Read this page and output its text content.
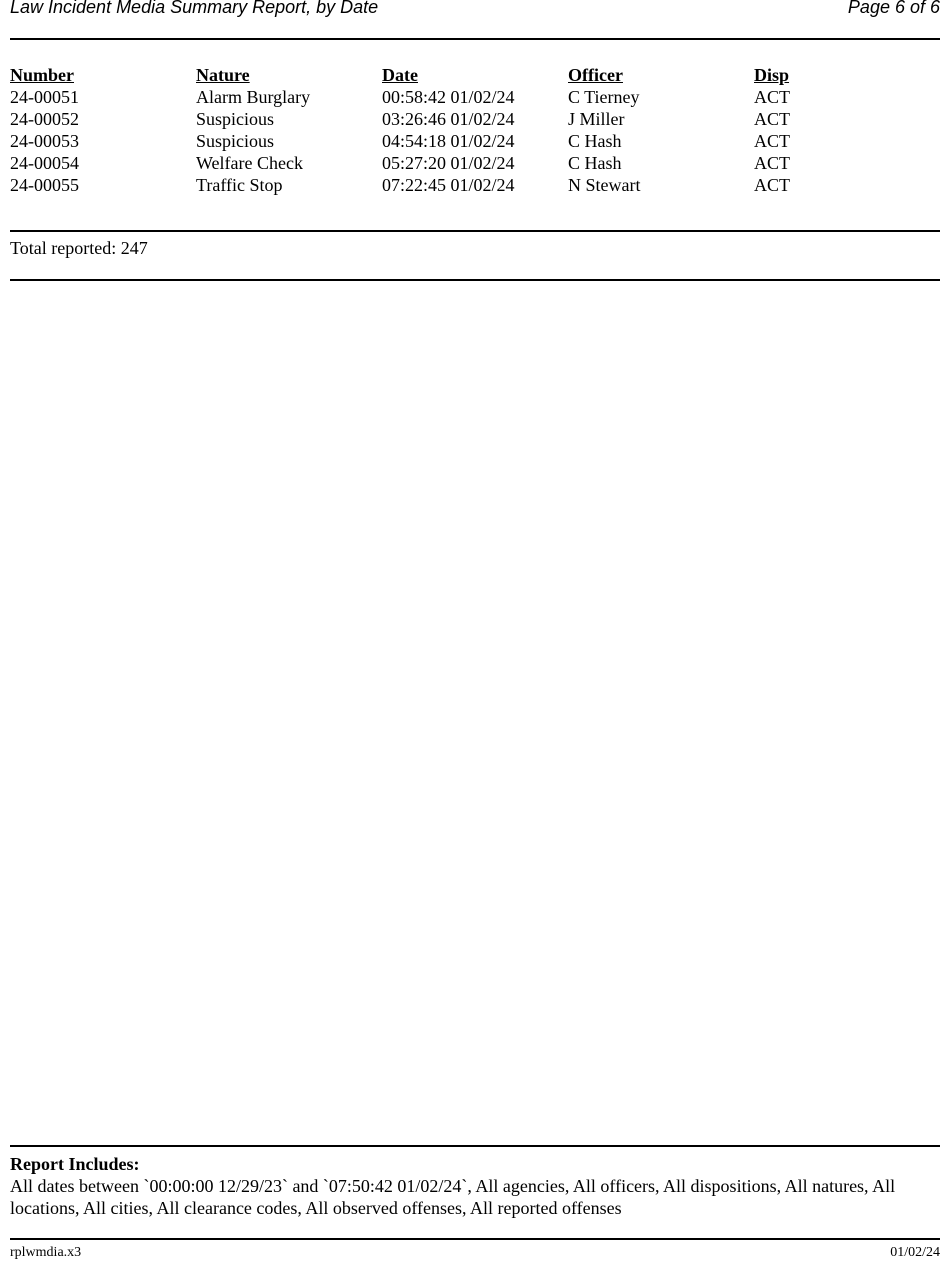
Law Incident Media Summary Report, by Date	Page 6 of 6
Number	Nature	Date	Officer	Disp
24-00051	Alarm Burglary	00:58:42 01/02/24	C Tierney	ACT
24-00052	Suspicious	03:26:46 01/02/24	J Miller	ACT
24-00053	Suspicious	04:54:18 01/02/24	C Hash	ACT
24-00054	Welfare Check	05:27:20 01/02/24	C Hash	ACT
24-00055	Traffic Stop	07:22:45 01/02/24	N Stewart	ACT
Total reported: 247
Report Includes:
All dates between `00:00:00 12/29/23` and `07:50:42 01/02/24`, All agencies, All officers, All dispositions, All natures, All locations, All cities, All clearance codes, All observed offenses, All reported offenses
rplwmdia.x3	01/02/24
